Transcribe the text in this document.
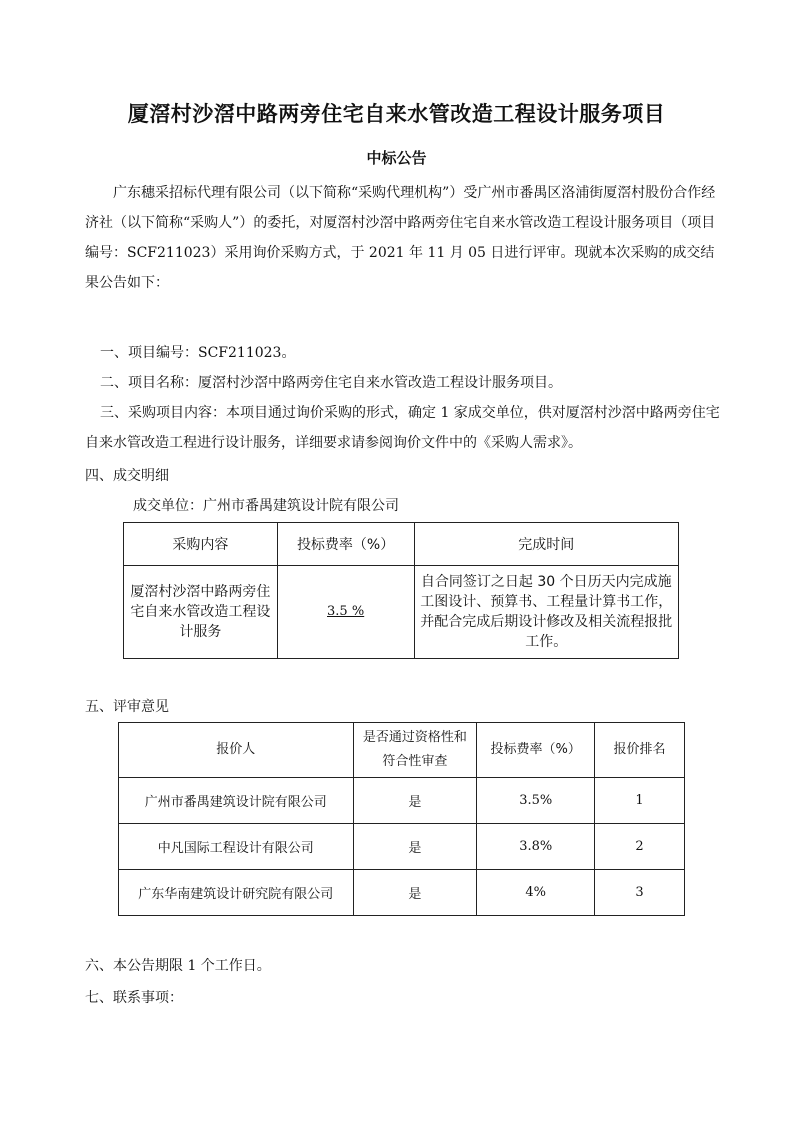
厦滘村沙滘中路两旁住宅自来水管改造工程设计服务项目
中标公告

广东穗采招标代理有限公司（以下简称“采购代理机构”）受广州市番禺区洛浦街厦滘村股份合作经济社（以下简称“采购人”）的委托，对厦滘村沙滘中路两旁住宅自来水管改造工程设计服务项目（项目编号：SCF211023）采用询价采购方式，于 2021 年 11 月 05 日进行评审。现就本次采购的成交结果公告如下：

一、项目编号：SCF211023。
二、项目名称：厦滘村沙滘中路两旁住宅自来水管改造工程设计服务项目。

三、采购项目内容：本项目通过询价采购的形式，确定 1 家成交单位，供对厦滘村沙滘中路两旁住宅自来水管改造工程进行设计服务，详细要求请参阅询价文件中的《采购人需求》。

四、成交明细
成交单位：广州市番禺建筑设计院有限公司
采购内容	投标费率（%）	完成时间
厦滘村沙滘中路两旁住宅自来水管改造工程设计服务	3.5 %	自合同签订之日起 30 个日历天内完成施工图设计、预算书、工程量计算书工作，并配合完成后期设计修改及相关流程报批工作。
五、评审意见
报价人	是否通过资格性和符合性审查	投标费率（%）	报价排名
广州市番禺建筑设计院有限公司	是	3.5%	1
中凡国际工程设计有限公司	是	3.8%	2
广东华南建筑设计研究院有限公司	是	4%	3
六、本公告期限 1 个工作日。
七、联系事项：
